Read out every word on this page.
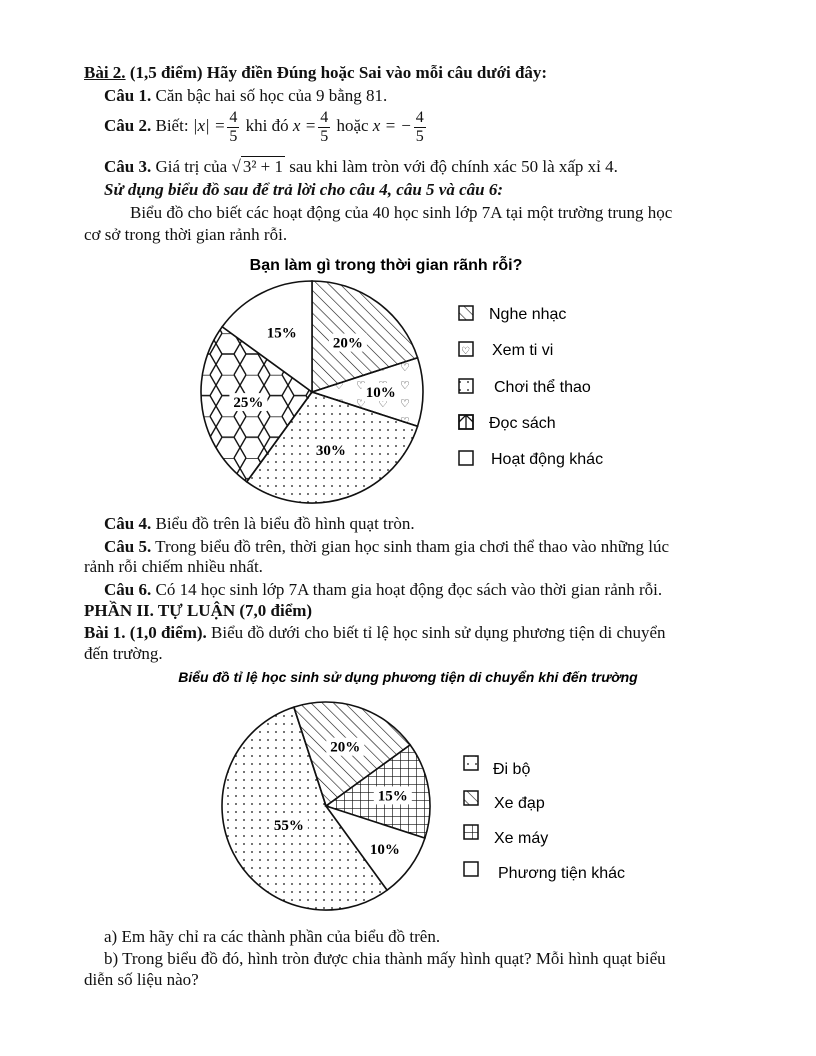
Bài 2. (1,5 điểm) Hãy điền Đúng hoặc Sai vào mỗi câu dưới đây:
Câu 1. Căn bậc hai số học của 9 bằng 81.
Câu 2. Biết: $|x| = \frac{4}{5}$ khi đó $x = \frac{4}{5}$ hoặc x = − $\frac{4}{5}$
Câu 3. Giá trị của √ 3² + 1 sau khi làm tròn với độ chính xác 50 là xấp xỉ 4.
Sử dụng biểu đồ sau để trả lời cho câu 4, câu 5 và câu 6:
Biểu đồ cho biết các hoạt động của 40 học sinh lớp 7A tại một trường trung học
cơ sở trong thời gian rảnh rỗi.
Bạn làm gì trong thời gian rãnh rỗi?
20%
10%
30%
25%
15%
Nghe nhạc
♡ Xem ti vi
Chơi thể thao
Đọc sách
Hoạt động khác
Câu 4. Biểu đồ trên là biểu đồ hình quạt tròn.
Câu 5. Trong biểu đồ trên, thời gian học sinh tham gia chơi thể thao vào những lúc
rảnh rỗi chiếm nhiều nhất.
Câu 6. Có 14 học sinh lớp 7A tham gia hoạt động đọc sách vào thời gian rảnh rỗi.
PHẦN II. TỰ LUẬN (7,0 điểm)
Bài 1. (1,0 điểm). Biểu đồ dưới cho biết tỉ lệ học sinh sử dụng phương tiện di chuyển
đến trường.
Biểu đồ tỉ lệ học sinh sử dụng phương tiện di chuyển khi đến trường
55%
20%
15%
10%
Đi bộ
Xe đạp
Xe máy
Phương tiện khác
a) Em hãy chỉ ra các thành phần của biểu đồ trên.
b) Trong biểu đồ đó, hình tròn được chia thành mấy hình quạt? Mỗi hình quạt biểu
diễn số liệu nào?
